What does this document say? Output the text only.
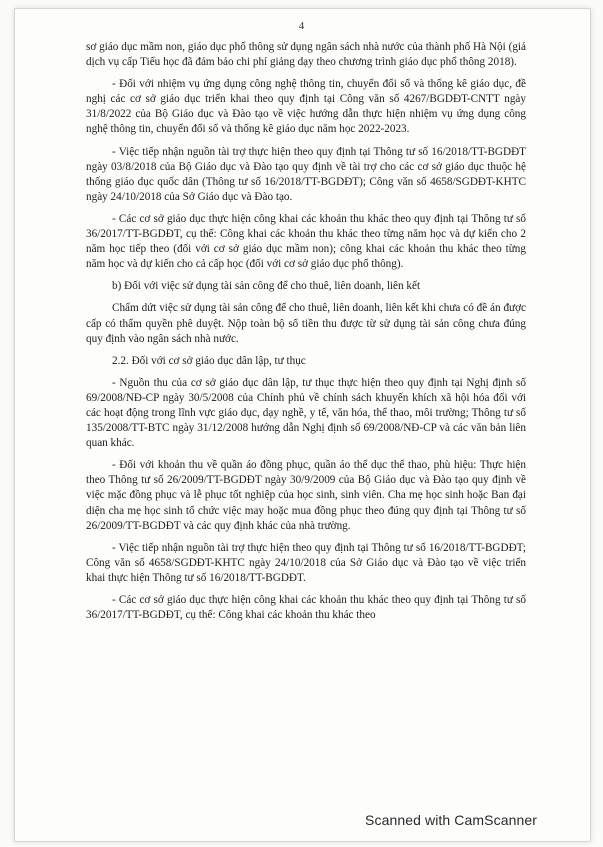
4

sơ giáo dục mầm non, giáo dục phổ thông sử dụng ngân sách nhà nước của thành phố Hà Nội (giá dịch vụ cấp Tiểu học đã đảm bảo chi phí giảng dạy theo chương trình giáo dục phổ thông 2018).

- Đối với nhiệm vụ ứng dụng công nghệ thông tin, chuyển đổi số và thống kê giáo dục, đề nghị các cơ sở giáo dục triển khai theo quy định tại Công văn số 4267/BGDĐT-CNTT ngày 31/8/2022 của Bộ Giáo dục và Đào tạo về việc hướng dẫn thực hiện nhiệm vụ ứng dụng công nghệ thông tin, chuyển đổi số và thống kê giáo dục năm học 2022-2023.

- Việc tiếp nhận nguồn tài trợ thực hiện theo quy định tại Thông tư số 16/2018/TT-BGDĐT ngày 03/8/2018 của Bộ Giáo dục và Đào tạo quy định về tài trợ cho các cơ sở giáo dục thuộc hệ thống giáo dục quốc dân (Thông tư số 16/2018/TT-BGDĐT); Công văn số 4658/SGDĐT-KHTC ngày 24/10/2018 của Sở Giáo dục và Đào tạo.

- Các cơ sở giáo dục thực hiện công khai các khoản thu khác theo quy định tại Thông tư số 36/2017/TT-BGDĐT, cụ thể: Công khai các khoản thu khác theo từng năm học và dự kiến cho 2 năm học tiếp theo (đối với cơ sở giáo dục mầm non); công khai các khoản thu khác theo từng năm học và dự kiến cho cả cấp học (đối với cơ sở giáo dục phổ thông).

b) Đối với việc sử dụng tài sản công để cho thuê, liên doanh, liên kết

Chấm dứt việc sử dụng tài sản công để cho thuê, liên doanh, liên kết khi chưa có đề án được cấp có thẩm quyền phê duyệt. Nộp toàn bộ số tiền thu được từ sử dụng tài sản công chưa đúng quy định vào ngân sách nhà nước.

2.2. Đối với cơ sở giáo dục dân lập, tư thục

- Nguồn thu của cơ sở giáo dục dân lập, tư thục thực hiện theo quy định tại Nghị định số 69/2008/NĐ-CP ngày 30/5/2008 của Chính phủ về chính sách khuyến khích xã hội hóa đối với các hoạt động trong lĩnh vực giáo dục, dạy nghề, y tế, văn hóa, thể thao, môi trường; Thông tư số 135/2008/TT-BTC ngày 31/12/2008 hướng dẫn Nghị định số 69/2008/NĐ-CP và các văn bản liên quan khác.

- Đối với khoản thu về quần áo đồng phục, quần áo thể dục thể thao, phù hiệu: Thực hiện theo Thông tư số 26/2009/TT-BGDĐT ngày 30/9/2009 của Bộ Giáo dục và Đào tạo quy định về việc mặc đồng phục và lễ phục tốt nghiệp của học sinh, sinh viên. Cha mẹ học sinh hoặc Ban đại diện cha mẹ học sinh tổ chức việc may hoặc mua đồng phục theo đúng quy định tại Thông tư số 26/2009/TT-BGDĐT và các quy định khác của nhà trường.

- Việc tiếp nhận nguồn tài trợ thực hiện theo quy định tại Thông tư số 16/2018/TT-BGDĐT; Công văn số 4658/SGDĐT-KHTC ngày 24/10/2018 của Sở Giáo dục và Đào tạo về việc triển khai thực hiện Thông tư số 16/2018/TT-BGDĐT.

- Các cơ sở giáo dục thực hiện công khai các khoản thu khác theo quy định tại Thông tư số 36/2017/TT-BGDĐT, cụ thể: Công khai các khoản thu khác theo

Scanned with CamScanner
